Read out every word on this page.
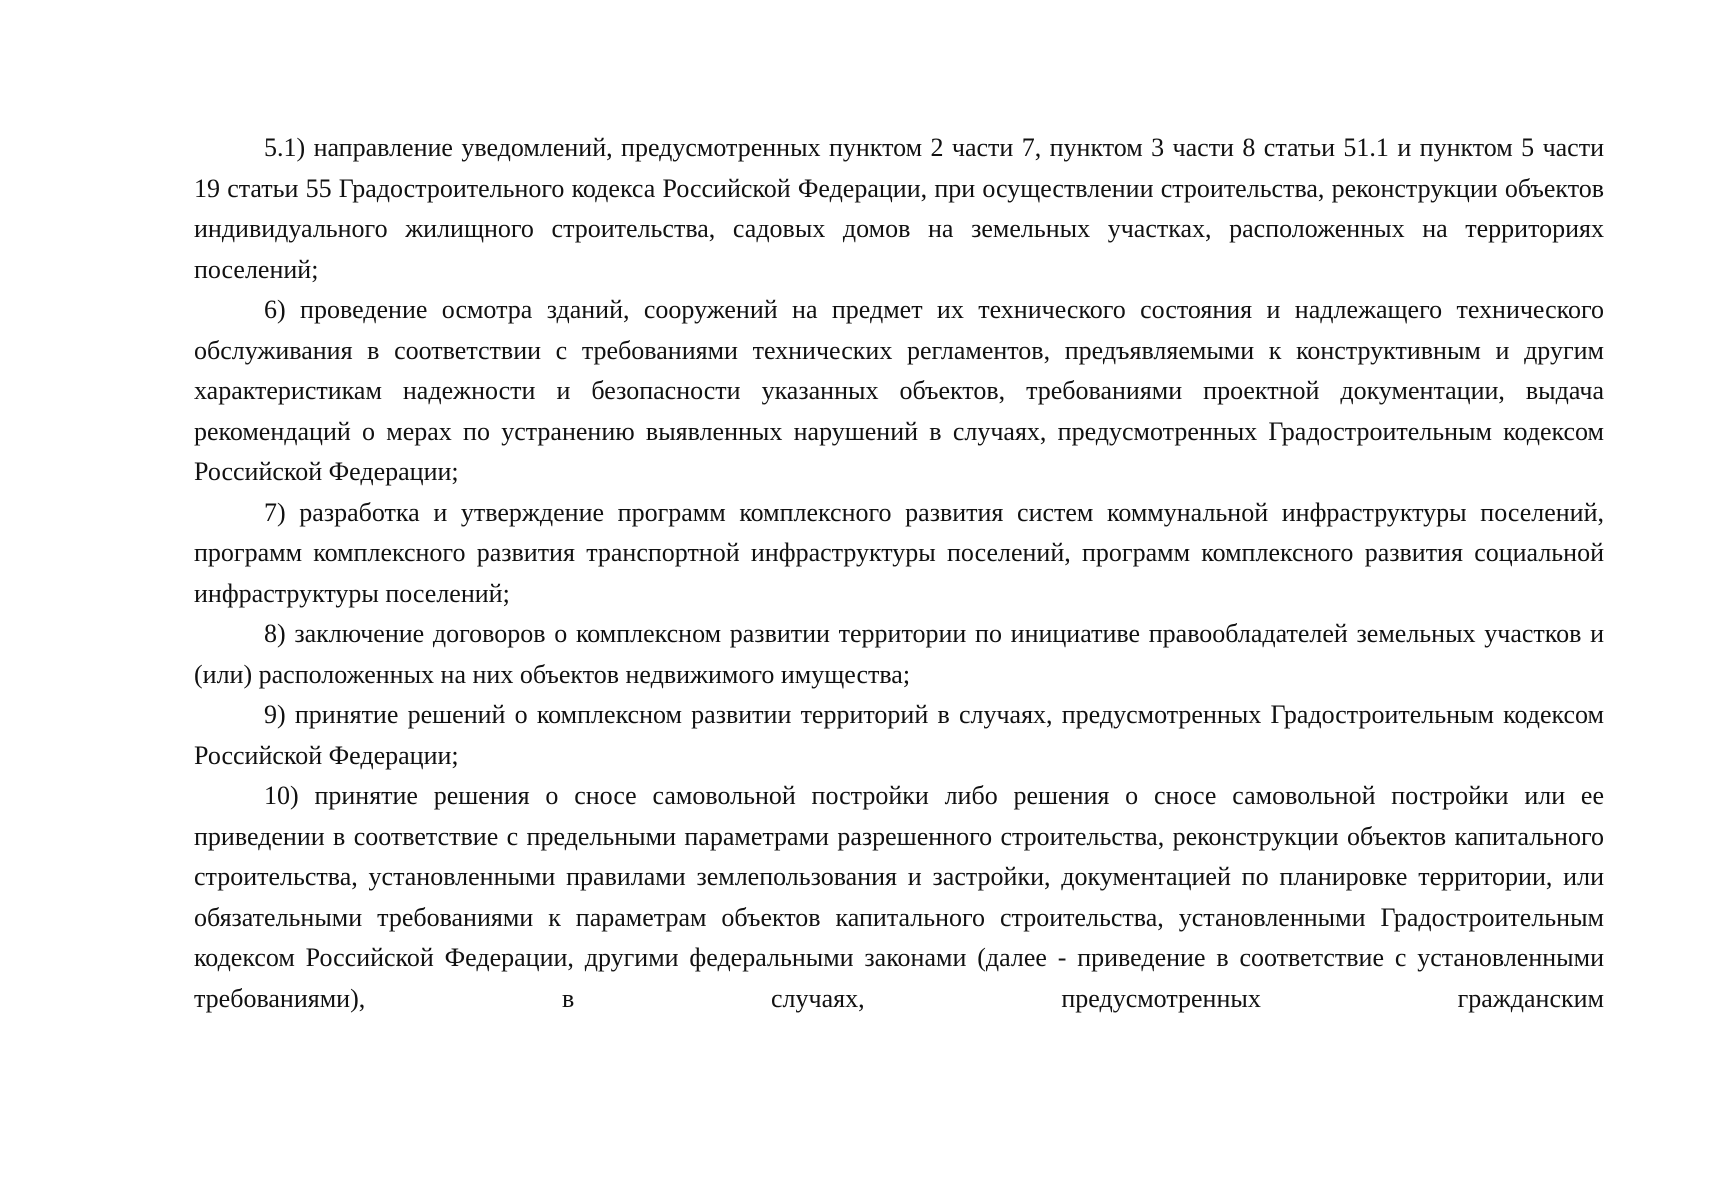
5.1) направление уведомлений, предусмотренных пунктом 2 части 7, пунктом 3 части 8 статьи 51.1 и пунктом 5 части 19 статьи 55 Градостроительного кодекса Российской Федерации, при осуществлении строительства, реконструкции объектов индивидуального жилищного строительства, садовых домов на земельных участках, расположенных на территориях поселений;

6) проведение осмотра зданий, сооружений на предмет их технического состояния и надлежащего технического обслуживания в соответствии с требованиями технических регламентов, предъявляемыми к конструктивным и другим характеристикам надежности и безопасности указанных объектов, требованиями проектной документации, выдача рекомендаций о мерах по устранению выявленных нарушений в случаях, предусмотренных Градостроительным кодексом Российской Федерации;

7) разработка и утверждение программ комплексного развития систем коммунальной инфраструктуры поселений, программ комплексного развития транспортной инфраструктуры поселений, программ комплексного развития социальной инфраструктуры поселений;

8) заключение договоров о комплексном развитии территории по инициативе правообладателей земельных участков и (или) расположенных на них объектов недвижимого имущества;

9) принятие решений о комплексном развитии территорий в случаях, предусмотренных Градостроительным кодексом Российской Федерации;

10) принятие решения о сносе самовольной постройки либо решения о сносе самовольной постройки или ее приведении в соответствие с предельными параметрами разрешенного строительства, реконструкции объектов капитального строительства, установленными правилами землепользования и застройки, документацией по планировке территории, или обязательными требованиями к параметрам объектов капитального строительства, установленными Градостроительным кодексом Российской Федерации, другими федеральными законами (далее - приведение в соответствие с установленными требованиями), в случаях, предусмотренных гражданским
